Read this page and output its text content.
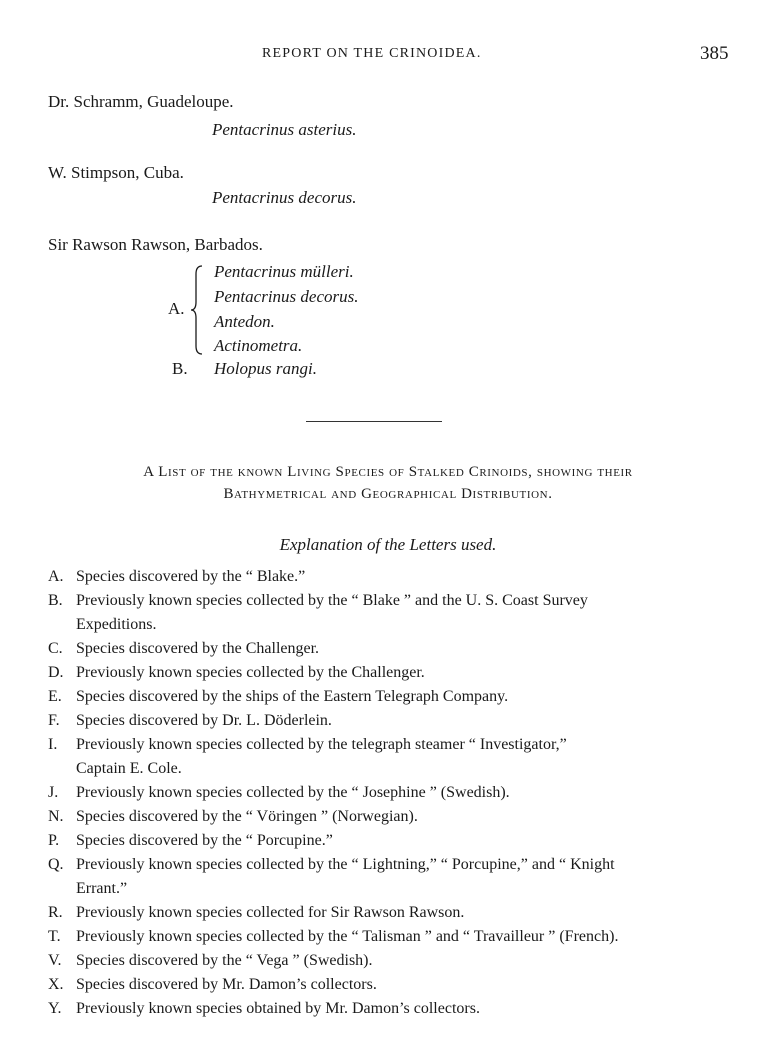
REPORT ON THE CRINOIDEA.	385
Dr. Schramm, Guadeloupe.
Pentacrinus asterius.
W. Stimpson, Cuba.
Pentacrinus decorus.
Sir Rawson Rawson, Barbados.
A.
Pentacrinus mülleri.
Pentacrinus decorus.
Antedon.
Actinometra.
B. Holopus rangi.
A List of the known Living Species of Stalked Crinoids, showing their
Bathymetrical and Geographical Distribution.
Explanation of the Letters used.
A. Species discovered by the “ Blake.”
B. Previously known species collected by the “ Blake ” and the U. S. Coast Survey
Expeditions.
C. Species discovered by the Challenger.
D. Previously known species collected by the Challenger.
E. Species discovered by the ships of the Eastern Telegraph Company.
F.	Species discovered by Dr. L. Döderlein.
I.	Previously known species collected by the telegraph steamer “ Investigator,”
Captain E. Cole.
J.	Previously known species collected by the “ Josephine ” (Swedish).
N. Species discovered by the “ Vöringen ” (Norwegian).
P.	Species discovered by the “ Porcupine.”
Q. Previously known species collected by the “ Lightning,” “ Porcupine,” and “ Knight
Errant.”
R. Previously known species collected for Sir Rawson Rawson.
T. Previously known species collected by the “ Talisman ” and “ Travailleur ” (French).
V. Species discovered by the “ Vega ” (Swedish).
X. Species discovered by Mr. Damon’s collectors.
Y. Previously known species obtained by Mr. Damon’s collectors.
